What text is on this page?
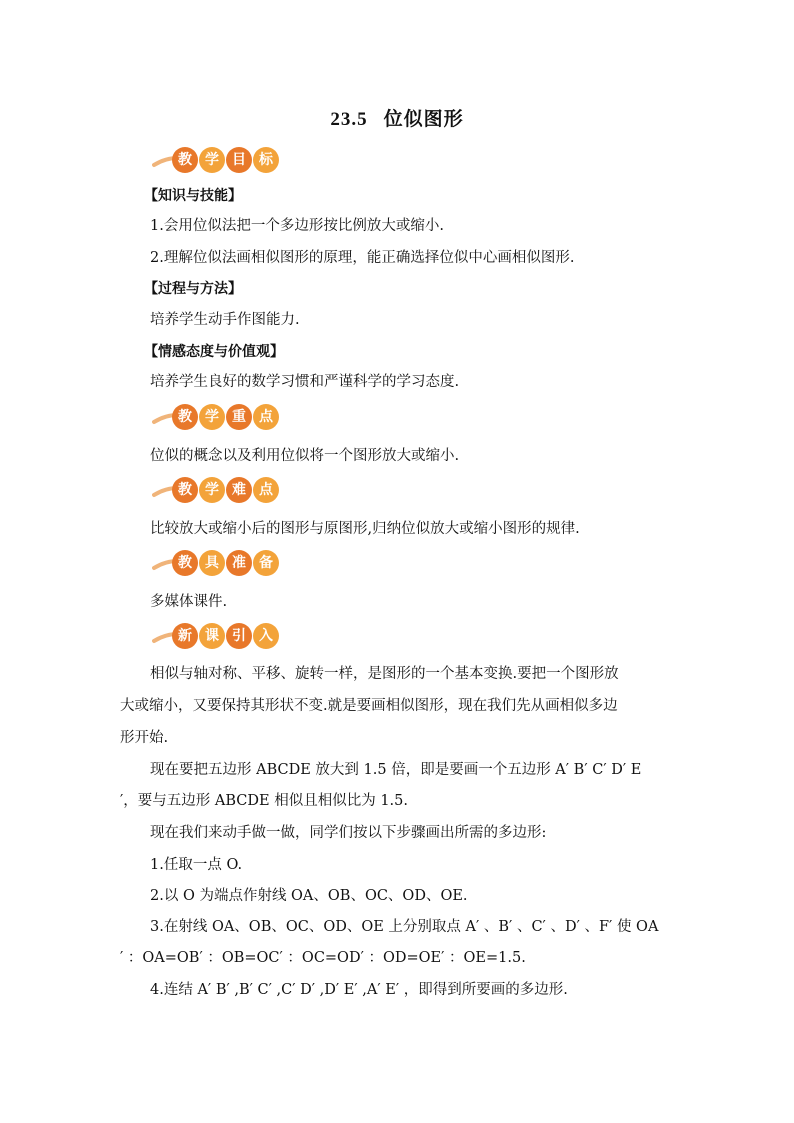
23.5 位似图形
教 学 目 标
【知识与技能】
1.会用位似法把一个多边形按比例放大或缩小.
2.理解位似法画相似图形的原理，能正确选择位似中心画相似图形.
【过程与方法】
培养学生动手作图能力.
【情感态度与价值观】
培养学生良好的数学习惯和严谨科学的学习态度.
教 学 重 点
位似的概念以及利用位似将一个图形放大或缩小.
教 学 难 点
比较放大或缩小后的图形与原图形,归纳位似放大或缩小图形的规律.
教 具 准 备
多媒体课件.
新 课 引 入
相似与轴对称、平移、旋转一样，是图形的一个基本变换.要把一个图形放
大或缩小，又要保持其形状不变.就是要画相似图形，现在我们先从画相似多边
形开始.
现在要把五边形 ABCDE 放大到 1.5 倍，即是要画一个五边形 A′ B′ C′ D′ E
′，要与五边形 ABCDE 相似且相似比为 1.5.
现在我们来动手做一做，同学们按以下步骤画出所需的多边形:
1.任取一点 O.
2.以 O 为端点作射线 OA、OB、OC、OD、OE.
3.在射线 OA、OB、OC、OD、OE 上分别取点 A′ 、B′ 、C′ 、D′ 、F′ 使 OA
′ ：OA=OB′ ：OB=OC′ ：OC=OD′ ：OD=OE′ ：OE=1.5.
4.连结 A′ B′ ,B′ C′ ,C′ D′ ,D′ E′ ,A′ E′ ，即得到所要画的多边形.
